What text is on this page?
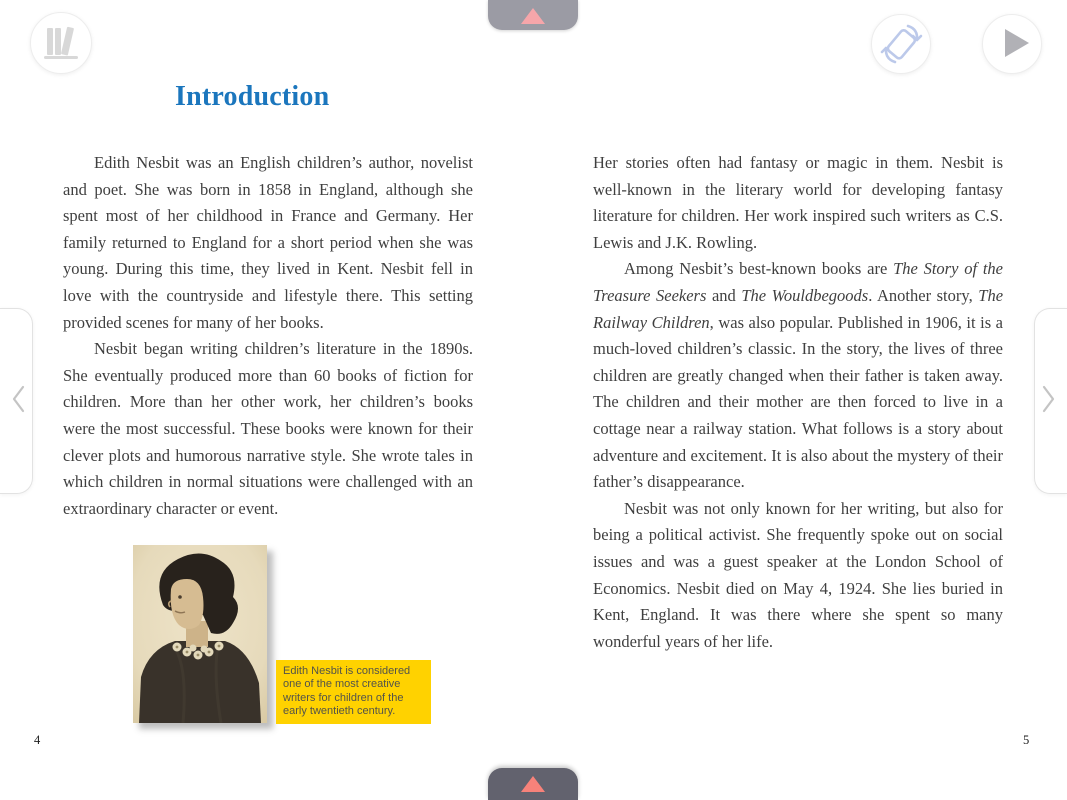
Introduction

Edith Nesbit was an English children’s author, novelist and poet. She was born in 1858 in England, although she spent most of her childhood in France and Germany. Her family returned to England for a short period when she was young. During this time, they lived in Kent. Nesbit fell in love with the countryside and lifestyle there. This setting provided scenes for many of her books.

Nesbit began writing children’s literature in the 1890s. She eventually produced more than 60 books of fiction for children. More than her other work, her children’s books were the most successful. These books were known for their clever plots and humorous narrative style. She wrote tales in which children in normal situations were challenged with an extraordinary character or event.

Edith Nesbit is considered one of the most creative writers for children of the early twentieth century.

Her stories often had fantasy or magic in them. Nesbit is well-known in the literary world for developing fantasy literature for children. Her work inspired such writers as C.S. Lewis and J.K. Rowling.

Among Nesbit’s best-known books are The Story of the Treasure Seekers and The Wouldbegoods. Another story, The Railway Children, was also popular. Published in 1906, it is a much-loved children’s classic. In the story, the lives of three children are greatly changed when their father is taken away. The children and their mother are then forced to live in a cottage near a railway station. What follows is a story about adventure and excitement. It is also about the mystery of their father’s disappearance.

Nesbit was not only known for her writing, but also for being a political activist. She frequently spoke out on social issues and was a guest speaker at the London School of Economics. Nesbit died on May 4, 1924. She lies buried in Kent, England. It was there where she spent so many wonderful years of her life.

4	5
